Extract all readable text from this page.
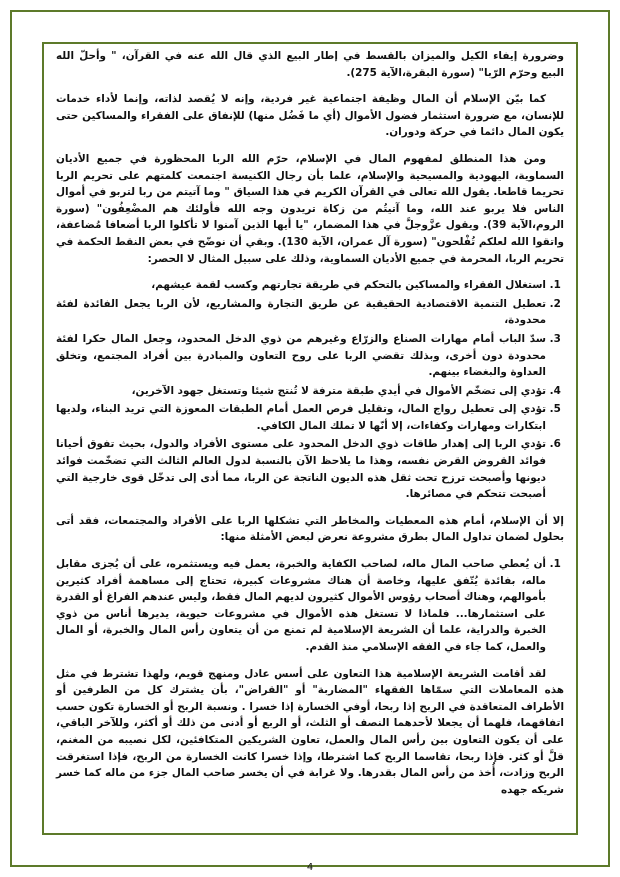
وضرورة إيفاء الكيل والميزان بالقسط في إطار البيع الذي قال الله عنه في القرآن، " وأحلّ الله البيع وحرّم الرّبا" (سورة البقرة،الآية 275).

كما بيّن الإسلام أن المال وظيفة اجتماعية غير فردية، وإنه لا يُقصد لذاته، وإنما لأداء خدمات للإنسان، مع ضرورة استثمار فضول الأموال (أي ما فَضُل منها) للإنفاق على الفقراء والمساكين حتى يكون المال دائما في حركة ودوران.

ومن هذا المنطلق لمفهوم المال في الإسلام، حرّم الله الربا المحظورة في جميع الأديان السماوية، اليهودية والمسيحية والإسلام، علما بأن رجال الكنيسة اجتمعت كلمتهم على تحريم الربا تحريما قاطعا. يقول الله تعالى في القرآن الكريم في هذا السياق " وما آتيتم من ربا لتربو في أموال الناس فلا يربو عند الله، وما آتيتُم من زكاة تريدون وجه الله فأولئك هم المضْعِفُون" (سورة الروم،الآية 39). ويقول عزَّوجلَّ في هذا المضمار، "يا أيها الذين آمنوا لا تأكلوا الربا أضعافا مُضاعفة، واتقوا الله لعلكم تُفْلحون" (سورة آل عمران، الآية 130). وبقي أن نوضّح في بعض النقط الحكمة في تحريم الربا، المحرمة في جميع الأديان السماوية، وذلك على سبيل المثال لا الحصر:

1. استغلال الفقراء والمساكين بالتحكم في طريقة تجارتهم وكسب لقمة عيشهم،
2. تعطيل التنمية الاقتصادية الحقيقية عن طريق التجارة والمشاريع، لأن الربا يجعل الفائدة لفئة محدودة،
3. سدّ الباب أمام مهارات الصناع والزرّاع وغيرهم من ذوي الدخل المحدود، وجعل المال حكرا لفئة محدودة دون أخرى، وبذلك تقضي الربا على روح التعاون والمبادرة بين أفراد المجتمع، وتخلق العداوة والبغضاء بينهم.
4. تؤدي إلى تضخّم الأموال في أيدي طبقة مترفة لا تُنتج شيئا وتستغل جهود الآخرين،
5. تؤدي إلى تعطيل رواج المال، وتقليل فرص العمل أمام الطبقات المعوزة التي تريد البناء، ولديها ابتكارات ومهارات وكفاءات، إلا أنّها لا تملك المال الكافي.
6. تؤدي الربا إلى إهدار طاقات ذوي الدخل المحدود على مستوى الأفراد والدول، بحيث تفوق أحيانا فوائد القروض القرض نفسه، وهذا ما يلاحظ الآن بالنسبة لدول العالم الثالث التي تضخّمت فوائد ديونها وأصبحت ترزح تحت ثقل هذه الديون الناتجة عن الربا، مما أدى إلى تدخّل قوى خارجية التي أصبحت تتحكم في مصائرها.

إلا أن الإسلام، أمام هذه المعطيات والمخاطر التي تشكلها الربا على الأفراد والمجتمعات، فقد أتى بحلول لضمان تداول المال بطرق مشروعة نعرض لبعض الأمثلة منها:

1. أن يُعطي صاحب المال ماله، لصاحب الكفاية والخبرة، يعمل فيه ويستثمره، على أن يُجزى مقابل ماله، بفائدة يُتّفق عليها، وخاصة أن هناك مشروعات كبيرة، تحتاج إلى مساهمة أفراد كثيرين بأموالهم، وهناك أصحاب رؤوس الأموال كثيرون لديهم المال فقط، وليس عندهم الفراغ أو القدرة على استثمارها... فلماذا لا تستغل هذه الأموال في مشروعات حيوية، يديرها أناس من ذوي الخبرة والدراية، علما أن الشريعة الإسلامية لم تمنع من أن يتعاون رأس المال والخبرة، أو المال والعمل، كما جاء في الفقه الإسلامي منذ القدم.

لقد أقامت الشريعة الإسلامية هذا التعاون على أسس عادل ومنهج قويم، ولهذا تشترط في مثل هذه المعاملات التي سمّاها الفقهاء "المضاربة" أو "القراض"، بأن يشترك كل من الطرفين أو الأطراف المتعاقدة في الربح إذا ربحا، أوفي الخسارة إذا خسرا . ونسبة الربح أو الخسارة تكون حسب اتفاقهما، فلهما أن يجعلا لأحدهما النصف أو الثلث، أو الربع أو أدنى من ذلك أو أكثر، وللآخر الباقي، على أن يكون التعاون بين رأس المال والعمل، تعاون الشريكين المتكافئين، لكل نصيبه من المغنم، قلَّ أو كثر. فإذا ربحا، تقاسما الربح كما اشترطا، وإذا خسرا كانت الخسارة من الربح، فإذا استغرقت الربح وزادت، أُخذ من رأس المال بقدرها. ولا غرابة في أن يخسر صاحب المال جزء من ماله كما خسر شريكه جهده

4
